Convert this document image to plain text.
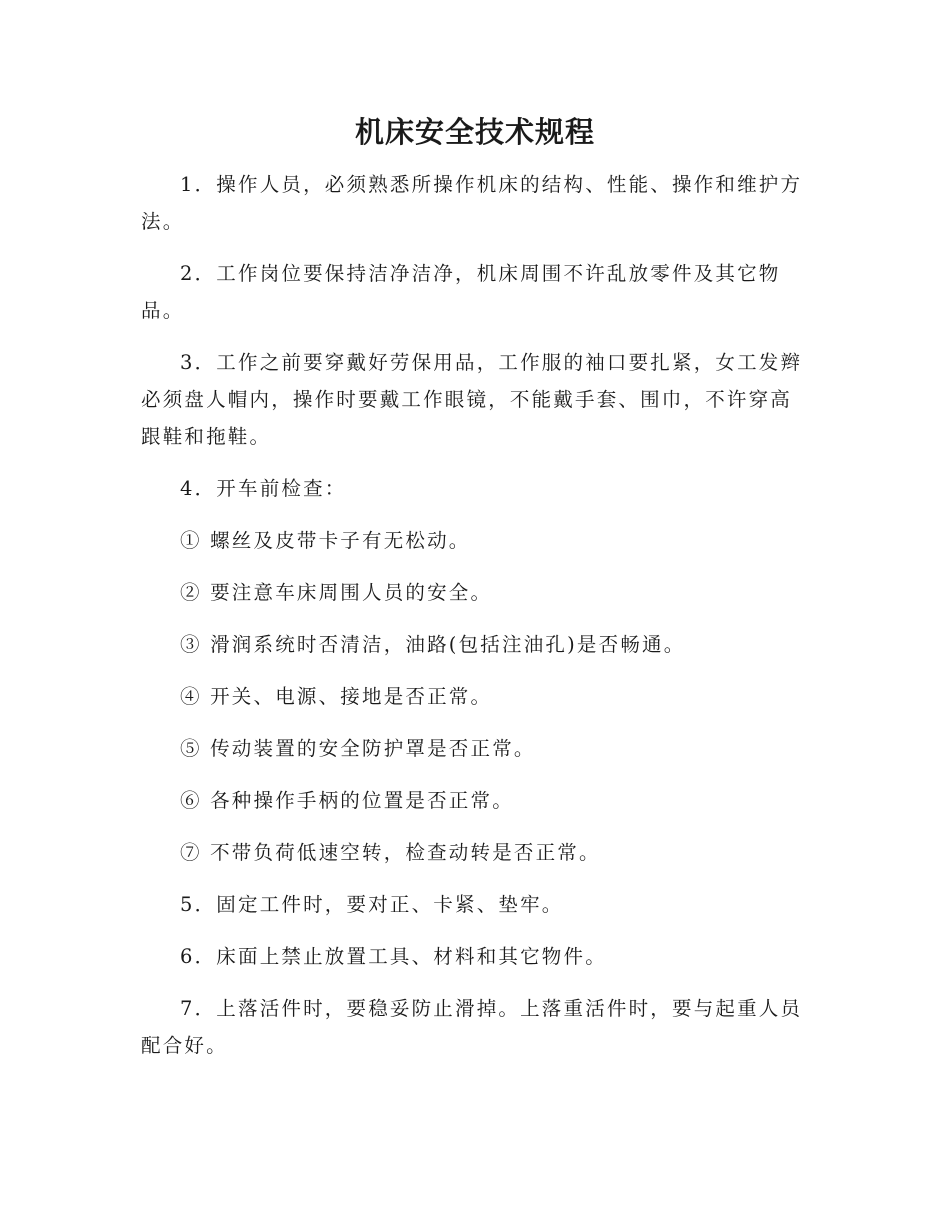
机床安全技术规程

1．操作人员，必须熟悉所操作机床的结构、性能、操作和维护方法。

2．工作岗位要保持洁净洁净，机床周围不许乱放零件及其它物品。

3．工作之前要穿戴好劳保用品，工作服的袖口要扎紧，女工发辫必须盘人帽内，操作时要戴工作眼镜，不能戴手套、围巾，不许穿高跟鞋和拖鞋。

4．开车前检查：

① 螺丝及皮带卡子有无松动。

② 要注意车床周围人员的安全。

③ 滑润系统时否清洁，油路(包括注油孔)是否畅通。

④ 开关、电源、接地是否正常。

⑤ 传动装置的安全防护罩是否正常。

⑥ 各种操作手柄的位置是否正常。

⑦ 不带负荷低速空转，检查动转是否正常。

5．固定工件时，要对正、卡紧、垫牢。

6．床面上禁止放置工具、材料和其它物件。

7．上落活件时，要稳妥防止滑掉。上落重活件时，要与起重人员配合好。
